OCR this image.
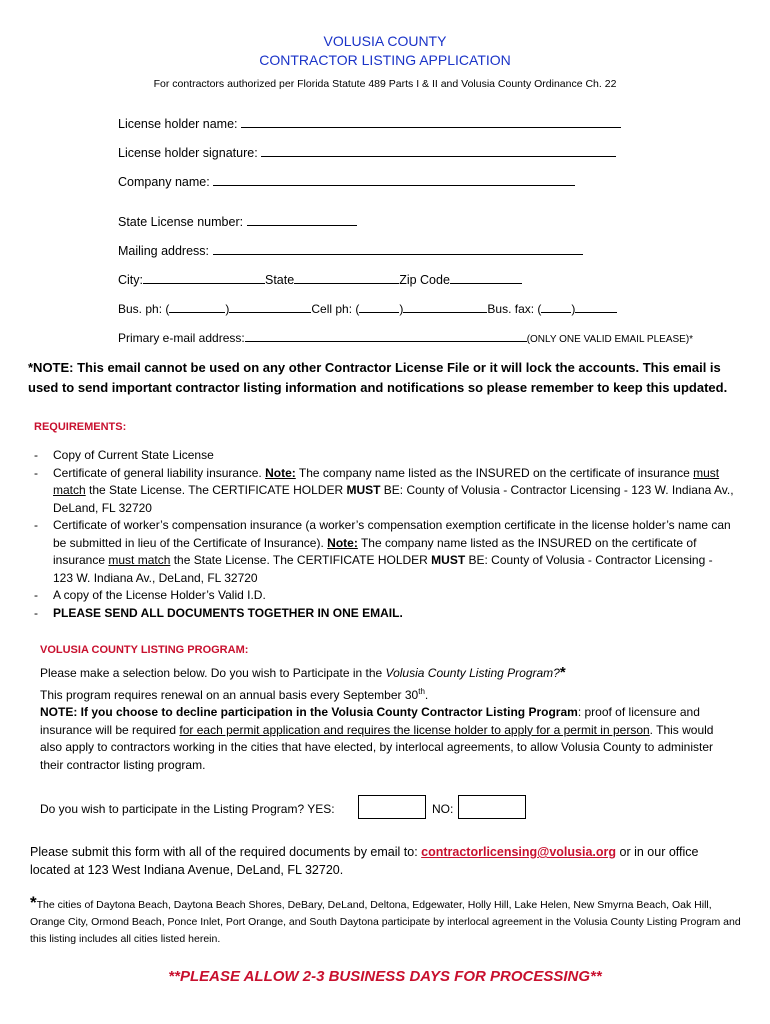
VOLUSIA COUNTY
CONTRACTOR LISTING APPLICATION
For contractors authorized per Florida Statute 489 Parts I & II and Volusia County Ordinance Ch. 22
License holder name:
License holder signature:
Company name:
State License number:
Mailing address:
City:	State	Zip Code
Bus. ph: (	)	Cell ph: (	)	Bus. fax: (	)
Primary e-mail address:	(ONLY ONE VALID EMAIL PLEASE)*
*NOTE: This email cannot be used on any other Contractor License File or it will lock the accounts. This email is used to send important contractor listing information and notifications so please remember to keep this updated.
REQUIREMENTS:
- Copy of Current State License
- Certificate of general liability insurance. Note: The company name listed as the INSURED on the certificate of insurance must match the State License. The CERTIFICATE HOLDER MUST BE: County of Volusia - Contractor Licensing - 123 W. Indiana Av., DeLand, FL 32720
- Certificate of worker’s compensation insurance (a worker’s compensation exemption certificate in the license holder’s name can be submitted in lieu of the Certificate of Insurance). Note: The company name listed as the INSURED on the certificate of insurance must match the State License. The CERTIFICATE HOLDER MUST BE: County of Volusia - Contractor Licensing - 123 W. Indiana Av., DeLand, FL 32720
- A copy of the License Holder’s Valid I.D.
- PLEASE SEND ALL DOCUMENTS TOGETHER IN ONE EMAIL.
VOLUSIA COUNTY LISTING PROGRAM:
Please make a selection below. Do you wish to Participate in the Volusia County Listing Program?*
This program requires renewal on an annual basis every September 30th.
NOTE: If you choose to decline participation in the Volusia County Contractor Listing Program: proof of licensure and insurance will be required for each permit application and requires the license holder to apply for a permit in person. This would also apply to contractors working in the cities that have elected, by interlocal agreements, to allow Volusia County to administer their contractor listing program.
Do you wish to participate in the Listing Program? YES:	NO:
Please submit this form with all of the required documents by email to: contractorlicensing@volusia.org or in our office located at 123 West Indiana Avenue, DeLand, FL 32720.
*The cities of Daytona Beach, Daytona Beach Shores, DeBary, DeLand, Deltona, Edgewater, Holly Hill, Lake Helen, New Smyrna Beach, Oak Hill, Orange City, Ormond Beach, Ponce Inlet, Port Orange, and South Daytona participate by interlocal agreement in the Volusia County Listing Program and this listing includes all cities listed herein.
**PLEASE ALLOW 2-3 BUSINESS DAYS FOR PROCESSING**
